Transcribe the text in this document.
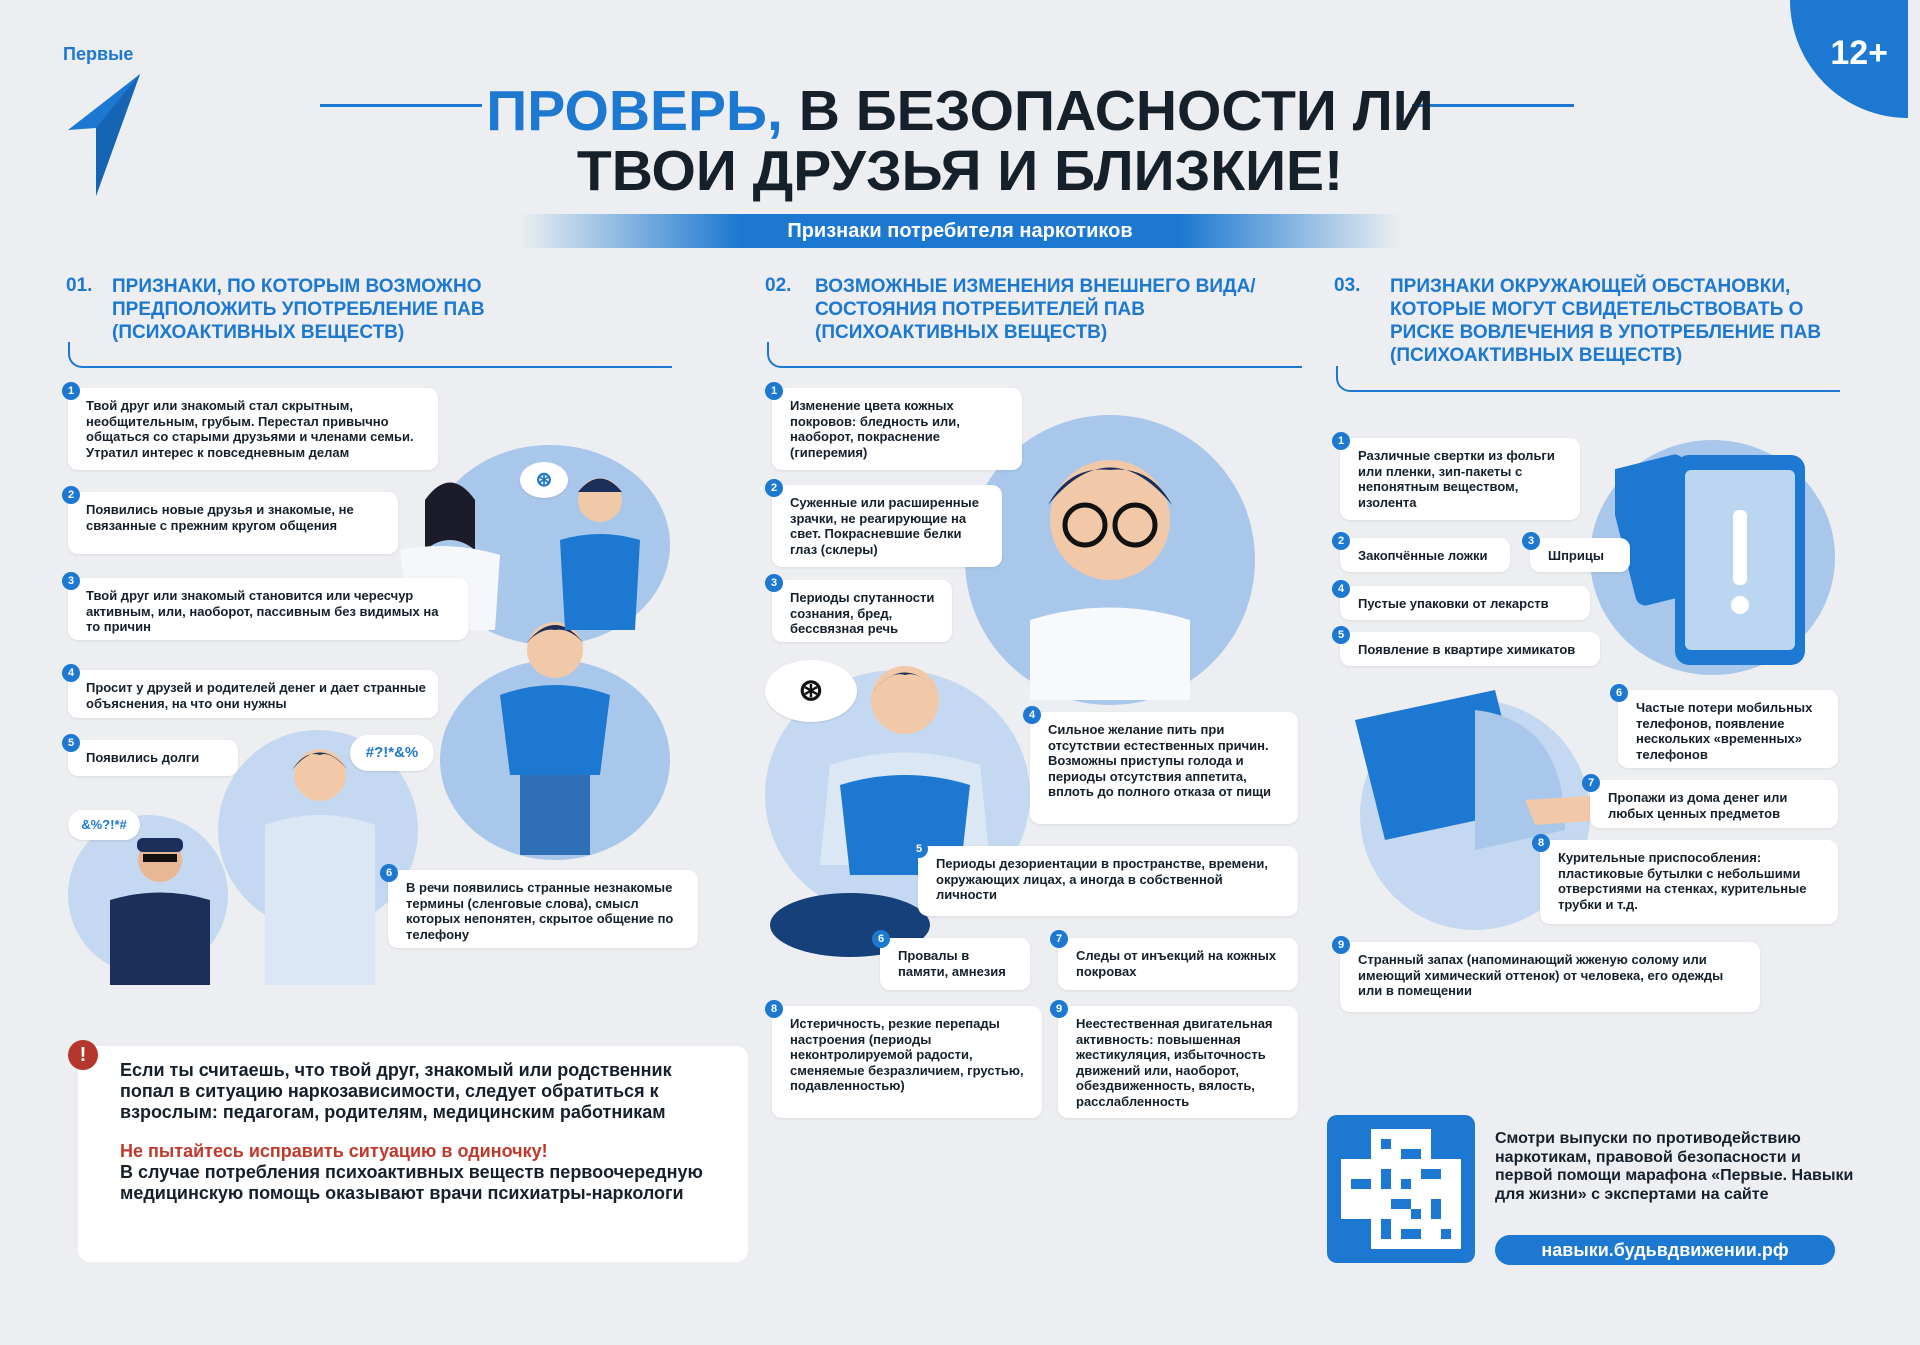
12+
Первые
ПРОВЕРЬ, В БЕЗОПАСНОСТИ ЛИ
ТВОИ ДРУЗЬЯ И БЛИЗКИЕ!
Признаки потребителя наркотиков
01. ПРИЗНАКИ, ПО КОТОРЫМ ВОЗМОЖНО ПРЕДПОЛОЖИТЬ УПОТРЕБЛЕНИЕ ПАВ (ПСИХОАКТИВНЫХ ВЕЩЕСТВ)
02. ВОЗМОЖНЫЕ ИЗМЕНЕНИЯ ВНЕШНЕГО ВИДА/СОСТОЯНИЯ ПОТРЕБИТЕЛЕЙ ПАВ (ПСИХОАКТИВНЫХ ВЕЩЕСТВ)
03. ПРИЗНАКИ ОКРУЖАЮЩЕЙ ОБСТАНОВКИ, КОТОРЫЕ МОГУТ СВИДЕТЕЛЬСТВОВАТЬ О РИСКЕ ВОВЛЕЧЕНИЯ В УПОТРЕБЛЕНИЕ ПАВ (ПСИХОАКТИВНЫХ ВЕЩЕСТВ)
⊛
#?!*&%
&%?!*#
Твой друг или знакомый стал скрытным, необщительным, грубым. Перестал привычно общаться со старыми друзьями и членами семьи. Утратил интерес к повседневным делам
1
Появились новые друзья и знакомые, не связанные с прежним кругом общения
2
Твой друг или знакомый становится или чересчур активным, или, наоборот, пассивным без видимых на то причин
3
Просит у друзей и родителей денег и дает странные объяснения, на что они нужны
4
Появились долги
5
В речи появились странные незнакомые термины (сленговые слова), смысл которых непонятен, скрытое общение по телефону
6
⊛
Изменение цвета кожных покровов: бледность или, наоборот, покраснение (гиперемия)
1
Суженные или расширенные зрачки, не реагирующие на свет. Покрасневшие белки глаз (склеры)
2
Периоды спутанности сознания, бред, бессвязная речь
3
Сильное желание пить при отсутствии естественных причин. Возможны приступы голода и периоды отсутствия аппетита, вплоть до полного отказа от пищи
4
Периоды дезориентации в пространстве, времени, окружающих лицах, а иногда в собственной личности
5
Провалы в памяти, амнезия
6
Следы от инъекций на кожных покровах
7
Истеричность, резкие перепады настроения (периоды неконтролируемой радости, сменяемые безразличием, грустью, подавленностью)
8
Неестественная двигательная активность: повышенная жестикуляция, избыточность движений или, наоборот, обездвиженность, вялость, расслабленность
9
Различные свертки из фольги или пленки, зип-пакеты с непонятным веществом, изолента
1
Закопчённые ложки
2
Шприцы
3
Пустые упаковки от лекарств
4
Появление в квартире химикатов
5
Частые потери мобильных телефонов, появление нескольких «временных» телефонов
6
Пропажи из дома денег или любых ценных предметов
7
Курительные приспособления: пластиковые бутылки с небольшими отверстиями на стенках, курительные трубки и т.д.
8
Странный запах (напоминающий жженую солому или имеющий химический оттенок) от человека, его одежды или в помещении
9
Если ты считаешь, что твой друг, знакомый или родственник попал в ситуацию наркозависимости, следует обратиться к взрослым: педагогам, родителям, медицинским работникам
Не пытайтесь исправить ситуацию в одиночку!
В случае потребления психоактивных веществ первоочередную медицинскую помощь оказывают врачи психиатры-наркологи
!
Смотри выпуски по противодействию наркотикам, правовой безопасности и первой помощи марафона «Первые. Навыки для жизни» с экспертами на сайте
навыки.будьвдвижении.рф
